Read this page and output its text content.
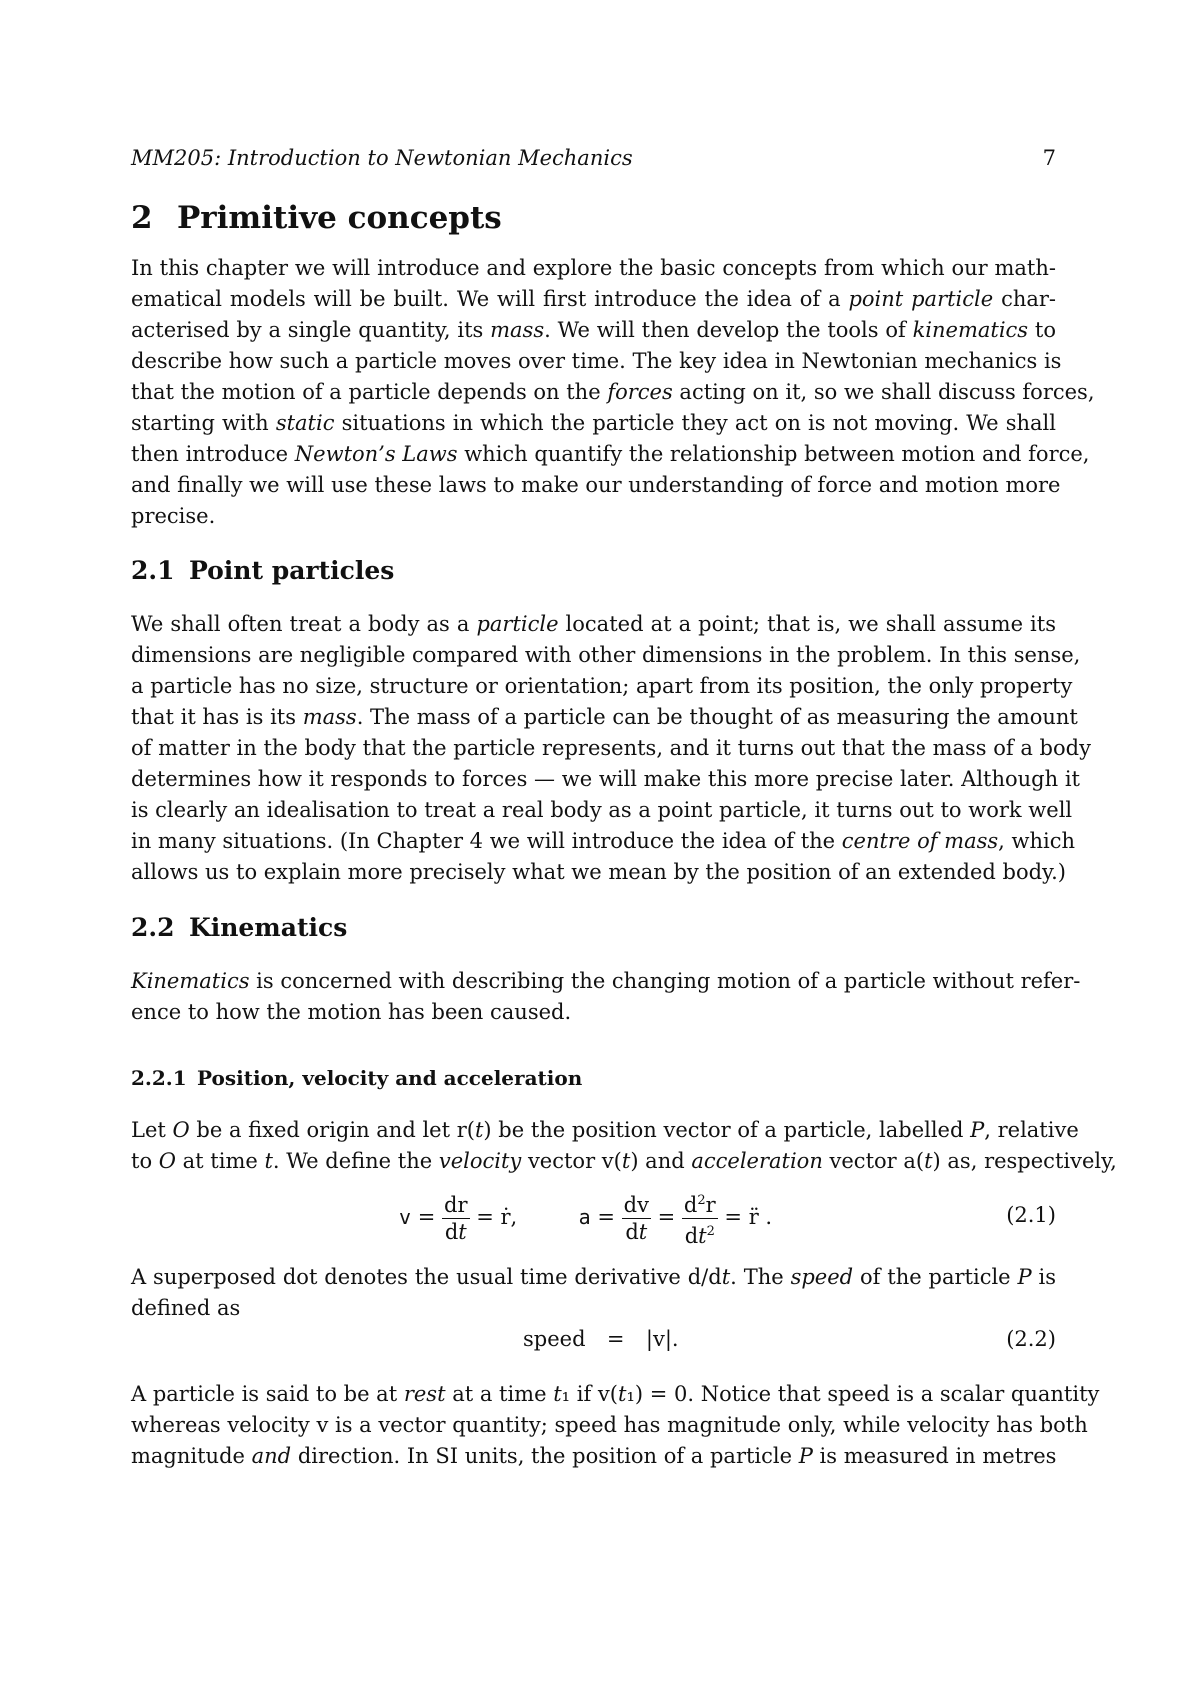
MM205: Introduction to Newtonian Mechanics	7
2 Primitive concepts
In this chapter we will introduce and explore the basic concepts from which our math-
ematical models will be built. We will first introduce the idea of a point particle char-
acterised by a single quantity, its mass. We will then develop the tools of kinematics to
describe how such a particle moves over time. The key idea in Newtonian mechanics is
that the motion of a particle depends on the forces acting on it, so we shall discuss forces,
starting with static situations in which the particle they act on is not moving. We shall
then introduce Newton’s Laws which quantify the relationship between motion and force,
and finally we will use these laws to make our understanding of force and motion more
precise.
2.1 Point particles
We shall often treat a body as a particle located at a point; that is, we shall assume its
dimensions are negligible compared with other dimensions in the problem. In this sense,
a particle has no size, structure or orientation; apart from its position, the only property
that it has is its mass. The mass of a particle can be thought of as measuring the amount
of matter in the body that the particle represents, and it turns out that the mass of a body
determines how it responds to forces — we will make this more precise later. Although it
is clearly an idealisation to treat a real body as a point particle, it turns out to work well
in many situations. (In Chapter 4 we will introduce the idea of the centre of mass, which
allows us to explain more precisely what we mean by the position of an extended body.)
2.2 Kinematics
Kinematics is concerned with describing the changing motion of a particle without refer-
ence to how the motion has been caused.
2.2.1 Position, velocity and acceleration
Let O be a fixed origin and let r(t) be the position vector of a particle, labelled P, relative
to O at time t. We define the velocity vector v(t) and acceleration vector a(t) as, respectively,
$v = \frac{dr}{dt}$ = ṙ,	$a = \frac{dv}{dt} = \frac{d^2r}{dt^2}$ = r̈ .	(2.1)
A superposed dot denotes the usual time derivative d/dt. The speed of the particle P is
defined as
speed = |v|.	(2.2)
A particle is said to be at rest at a time t₁ if v(t₁) = 0. Notice that speed is a scalar quantity
whereas velocity v is a vector quantity; speed has magnitude only, while velocity has both
magnitude and direction. In SI units, the position of a particle P is measured in metres
